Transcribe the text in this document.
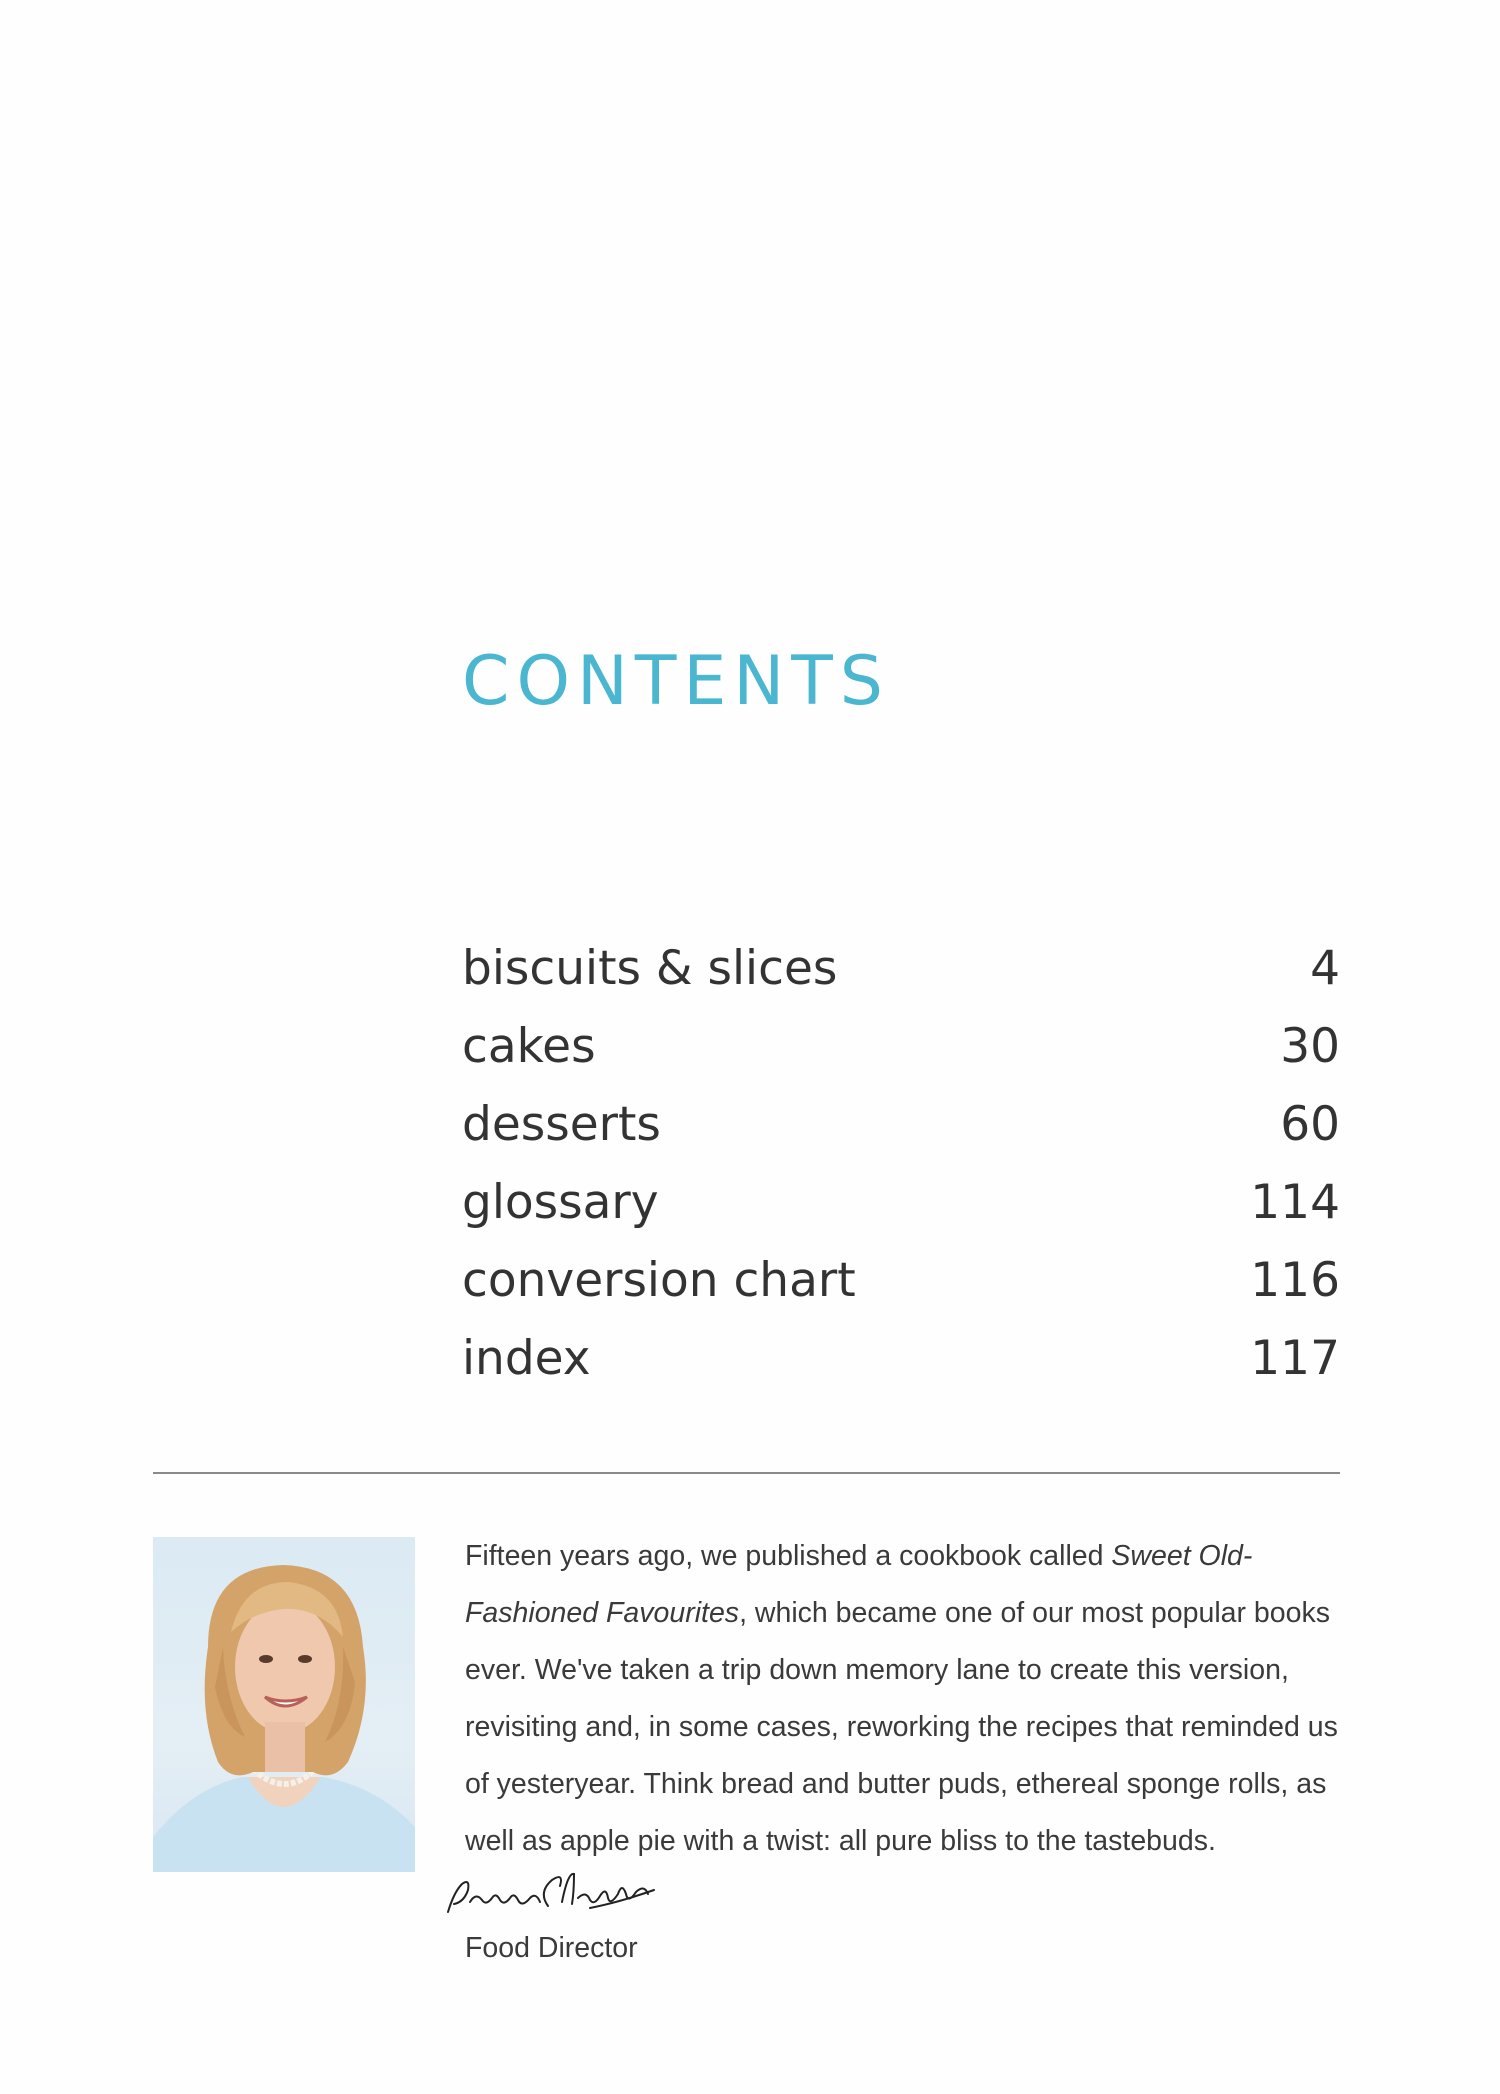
CONTENTS
biscuits & slices	4
cakes	30
desserts	60
glossary	114
conversion chart	116
index	117
Fifteen years ago, we published a cookbook called Sweet Old-Fashioned Favourites, which became one of our most popular books ever. We've taken a trip down memory lane to create this version, revisiting and, in some cases, reworking the recipes that reminded us of yesteryear. Think bread and butter puds, ethereal sponge rolls, as well as apple pie with a twist: all pure bliss to the tastebuds.
Food Director
